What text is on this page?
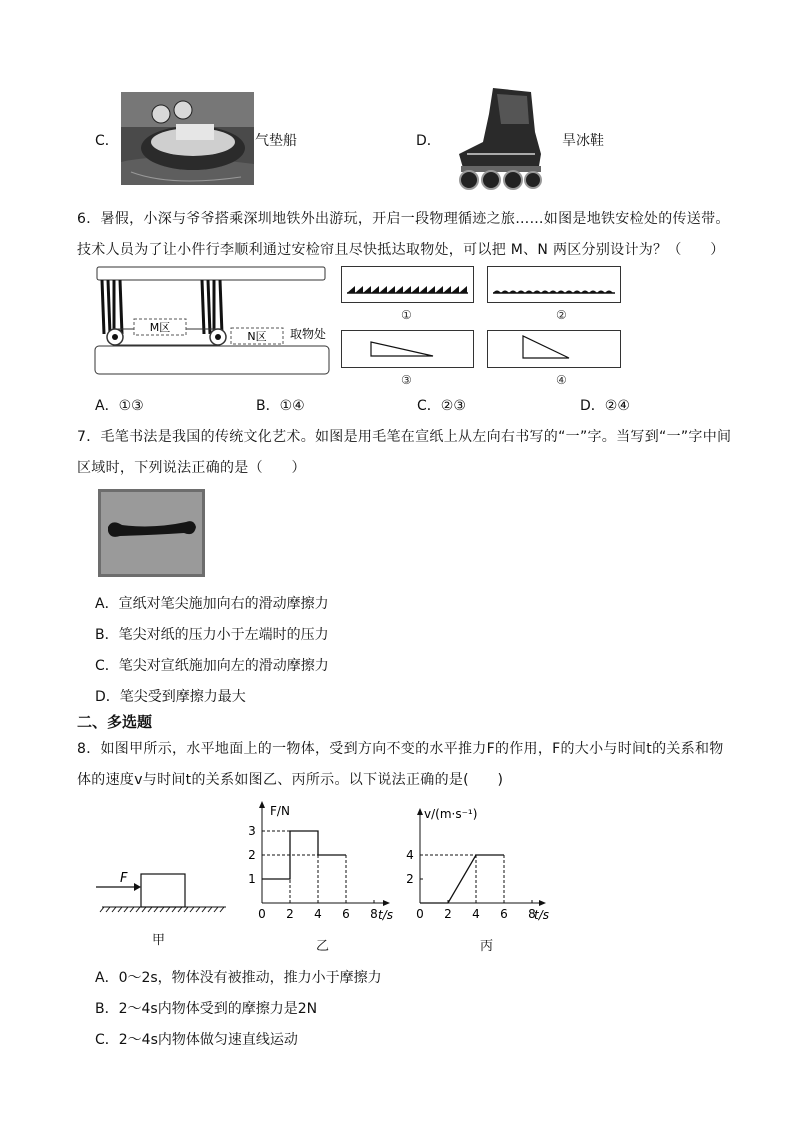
C．	气垫船	D．	旱冰鞋
6．暑假，小深与爷爷搭乘深圳地铁外出游玩，开启一段物理循迹之旅……如图是地铁安检处的传送带。
技术人员为了让小件行李顺利通过安检帘且尽快抵达取物处，可以把 M、N 两区分别设计为？（　　）
M区
N区 取物处
①	②
③	④
A．①③	B．①④	C．②③	D．②④
7．毛笔书法是我国的传统文化艺术。如图是用毛笔在宣纸上从左向右书写的“一”字。当写到“一”字中间
区域时，下列说法正确的是（　　）
A．宣纸对笔尖施加向右的滑动摩擦力
B．笔尖对纸的压力小于左端时的压力
C．笔尖对宣纸施加向左的滑动摩擦力
D．笔尖受到摩擦力最大
二、多选题
8．如图甲所示，水平地面上的一物体，受到方向不变的水平推力F的作用，F的大小与时间t的关系和物
体的速度v与时间t的关系如图乙、丙所示。以下说法正确的是(　　)
F
甲
F/N
t/s
0 2 4 6 8
1
2
3
乙
v/(m·s⁻¹)
t/s
0 2 4 6 8
2
4
丙
A．0～2s，物体没有被推动，推力小于摩擦力
B．2～4s内物体受到的摩擦力是2N
C．2～4s内物体做匀速直线运动
